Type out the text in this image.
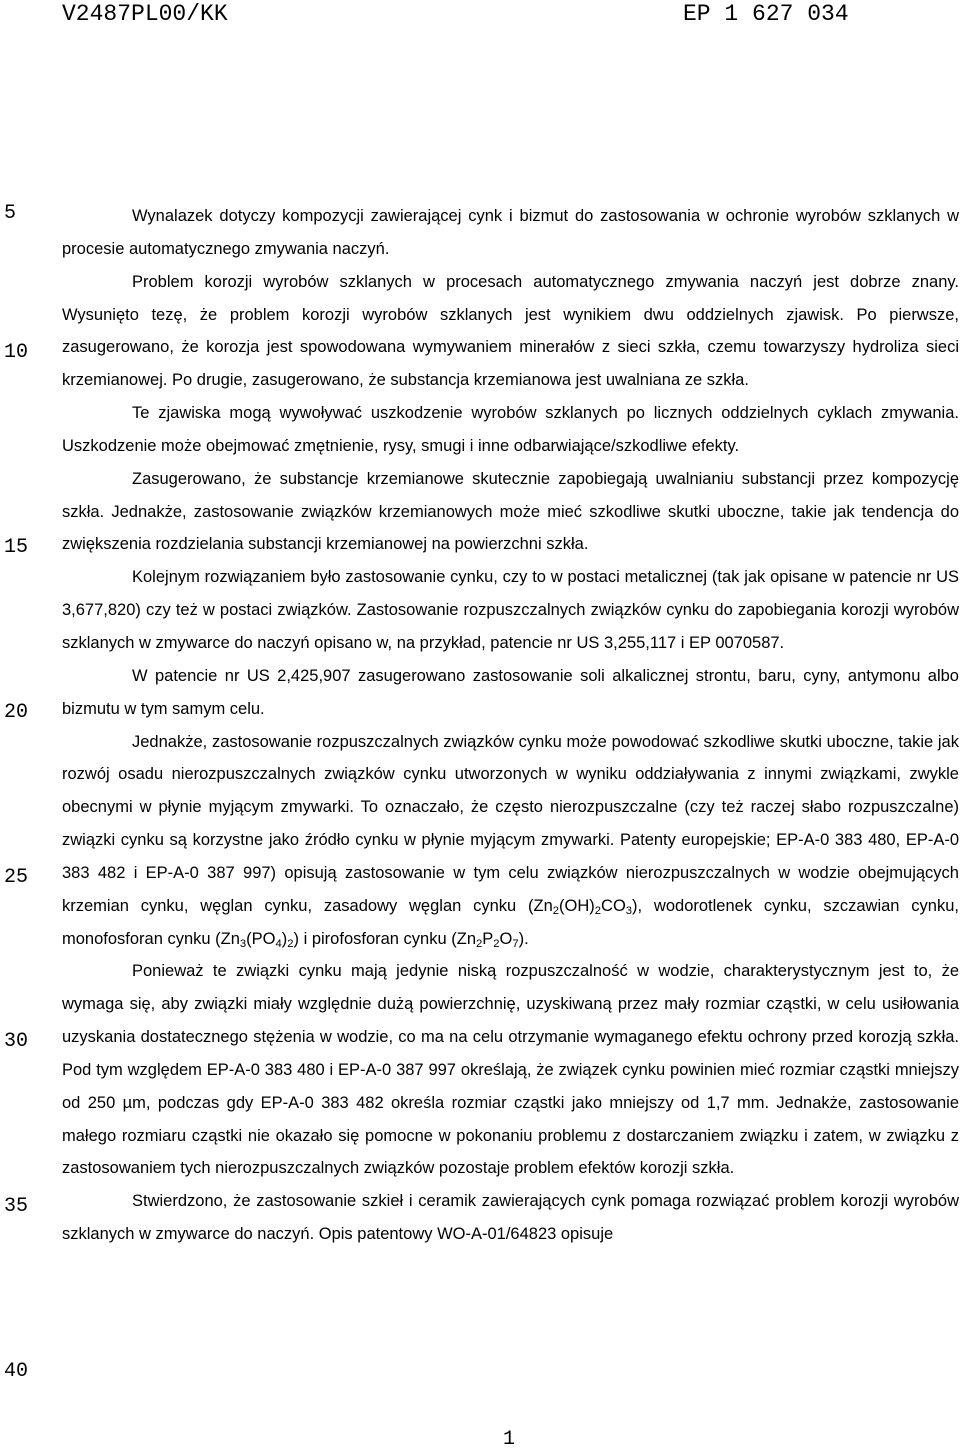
V2487PL00/KK	EP 1 627 034
5
10
15
20
25
30
35
40

Wynalazek dotyczy kompozycji zawierającej cynk i bizmut do zastosowania w ochronie wyrobów szklanych w procesie automatycznego zmywania naczyń.

Problem korozji wyrobów szklanych w procesach automatycznego zmywania naczyń jest dobrze znany. Wysunięto tezę, że problem korozji wyrobów szklanych jest wynikiem dwu oddzielnych zjawisk. Po pierwsze, zasugerowano, że korozja jest spowodowana wymywaniem minerałów z sieci szkła, czemu towarzyszy hydroliza sieci krzemianowej. Po drugie, zasugerowano, że substancja krzemianowa jest uwalniana ze szkła.

Te zjawiska mogą wywoływać uszkodzenie wyrobów szklanych po licznych oddzielnych cyklach zmywania. Uszkodzenie może obejmować zmętnienie, rysy, smugi i inne odbarwiające/szkodliwe efekty.

Zasugerowano, że substancje krzemianowe skutecznie zapobiegają uwalnianiu substancji przez kompozycję szkła. Jednakże, zastosowanie związków krzemianowych może mieć szkodliwe skutki uboczne, takie jak tendencja do zwiększenia rozdzielania substancji krzemianowej na powierzchni szkła.

Kolejnym rozwiązaniem było zastosowanie cynku, czy to w postaci metalicznej (tak jak opisane w patencie nr US 3,677,820) czy też w postaci związków. Zastosowanie rozpuszczalnych związków cynku do zapobiegania korozji wyrobów szklanych w zmywarce do naczyń opisano w, na przykład, patencie nr US 3,255,117 i EP 0070587.

W patencie nr US 2,425,907 zasugerowano zastosowanie soli alkalicznej strontu, baru, cyny, antymonu albo bizmutu w tym samym celu.

Jednakże, zastosowanie rozpuszczalnych związków cynku może powodować szkodliwe skutki uboczne, takie jak rozwój osadu nierozpuszczalnych związków cynku utworzonych w wyniku oddziaływania z innymi związkami, zwykle obecnymi w płynie myjącym zmywarki. To oznaczało, że często nierozpuszczalne (czy też raczej słabo rozpuszczalne) związki cynku są korzystne jako źródło cynku w płynie myjącym zmywarki. Patenty europejskie; EP-A-0 383 480, EP-A-0 383 482 i EP-A-0 387 997) opisują zastosowanie w tym celu związków nierozpuszczalnych w wodzie obejmujących krzemian cynku, węglan cynku, zasadowy węglan cynku $(Zn_2(OH)_2CO_3)$, wodorotlenek cynku, szczawian cynku, monofosforan cynku $(Zn_3(PO_4)_2)$ i pirofosforan cynku $(Zn_2P_2O_7)$.

Ponieważ te związki cynku mają jedynie niską rozpuszczalność w wodzie, charakterystycznym jest to, że wymaga się, aby związki miały względnie dużą powierzchnię, uzyskiwaną przez mały rozmiar cząstki, w celu usiłowania uzyskania dostatecznego stężenia w wodzie, co ma na celu otrzymanie wymaganego efektu ochrony przed korozją szkła. Pod tym względem EP-A-0 383 480 i EP-A-0 387 997 określają, że związek cynku powinien mieć rozmiar cząstki mniejszy od 250 µm, podczas gdy EP-A-0 383 482 określa rozmiar cząstki jako mniejszy od 1,7 mm. Jednakże, zastosowanie małego rozmiaru cząstki nie okazało się pomocne w pokonaniu problemu z dostarczaniem związku i zatem, w związku z zastosowaniem tych nierozpuszczalnych związków pozostaje problem efektów korozji szkła.

Stwierdzono, że zastosowanie szkieł i ceramik zawierających cynk pomaga rozwiązać problem korozji wyrobów szklanych w zmywarce do naczyń. Opis patentowy WO-A-01/64823 opisuje

1
